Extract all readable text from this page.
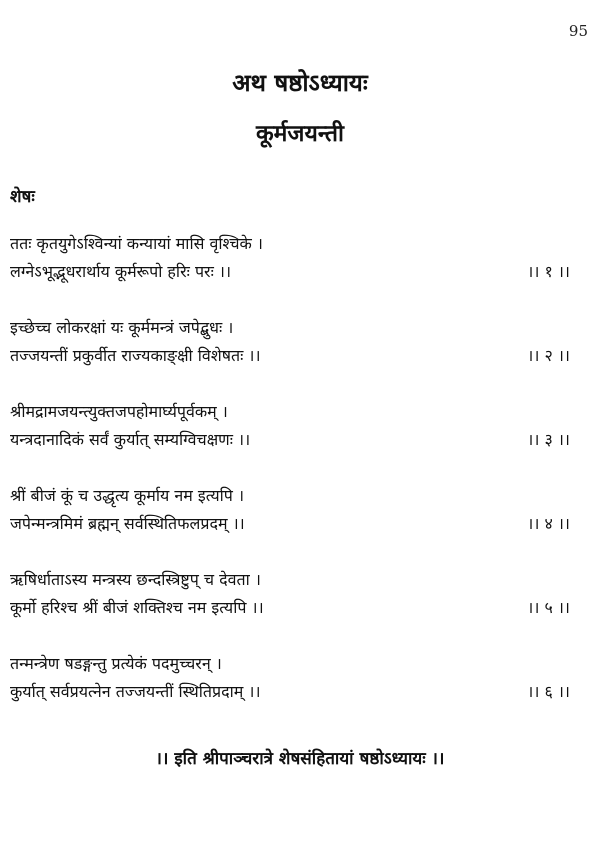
95
अथ षष्ठोऽध्यायः
कूर्मजयन्ती
शेषः
ततः कृतयुगेऽश्विन्यां कन्यायां मासि वृश्चिके ।
लग्नेऽभूद्भूधरार्थाय कूर्मरूपो हरिः परः ।।	।। १ ।।
इच्छेच्च लोकरक्षां यः कूर्ममन्त्रं जपेद्बुधः ।
तज्जयन्तीं प्रकुर्वीत राज्यकाङ्क्षी विशेषतः ।।	।। २ ।।
श्रीमद्रामजयन्त्युक्तजपहोमार्घ्यपूर्वकम् ।
यन्त्रदानादिकं सर्वं कुर्यात् सम्यग्विचक्षणः ।।	।। ३ ।।
श्रीं बीजं कूं च उद्धृत्य कूर्माय नम इत्यपि ।
जपेन्मन्त्रमिमं ब्रह्मन् सर्वस्थितिफलप्रदम् ।।	।। ४ ।।
ऋषिर्धाताऽस्य मन्त्रस्य छन्दस्त्रिष्टुप् च देवता ।
कूर्मो हरिश्च श्रीं बीजं शक्तिश्च नम इत्यपि ।।	।। ५ ।।
तन्मन्त्रेण षडङ्गन्तु प्रत्येकं पदमुच्चरन् ।
कुर्यात् सर्वप्रयत्नेन तज्जयन्तीं स्थितिप्रदाम् ।।	।। ६ ।।
।। इति श्रीपाञ्चरात्रे शेषसंहितायां षष्ठोऽध्यायः ।।
